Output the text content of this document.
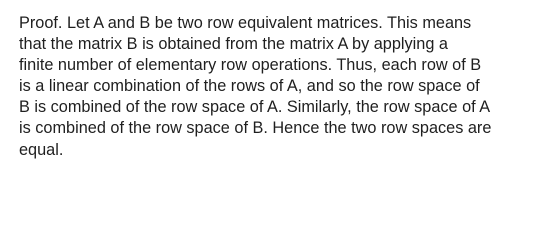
Proof. Let A and B be two row equivalent matrices. This means

that the matrix B is obtained from the matrix A by applying a

finite number of elementary row operations. Thus, each row of B

is a linear combination of the rows of A, and so the row space of

B is combined of the row space of A. Similarly, the row space of A

is combined of the row space of B. Hence the two row spaces are

equal.
